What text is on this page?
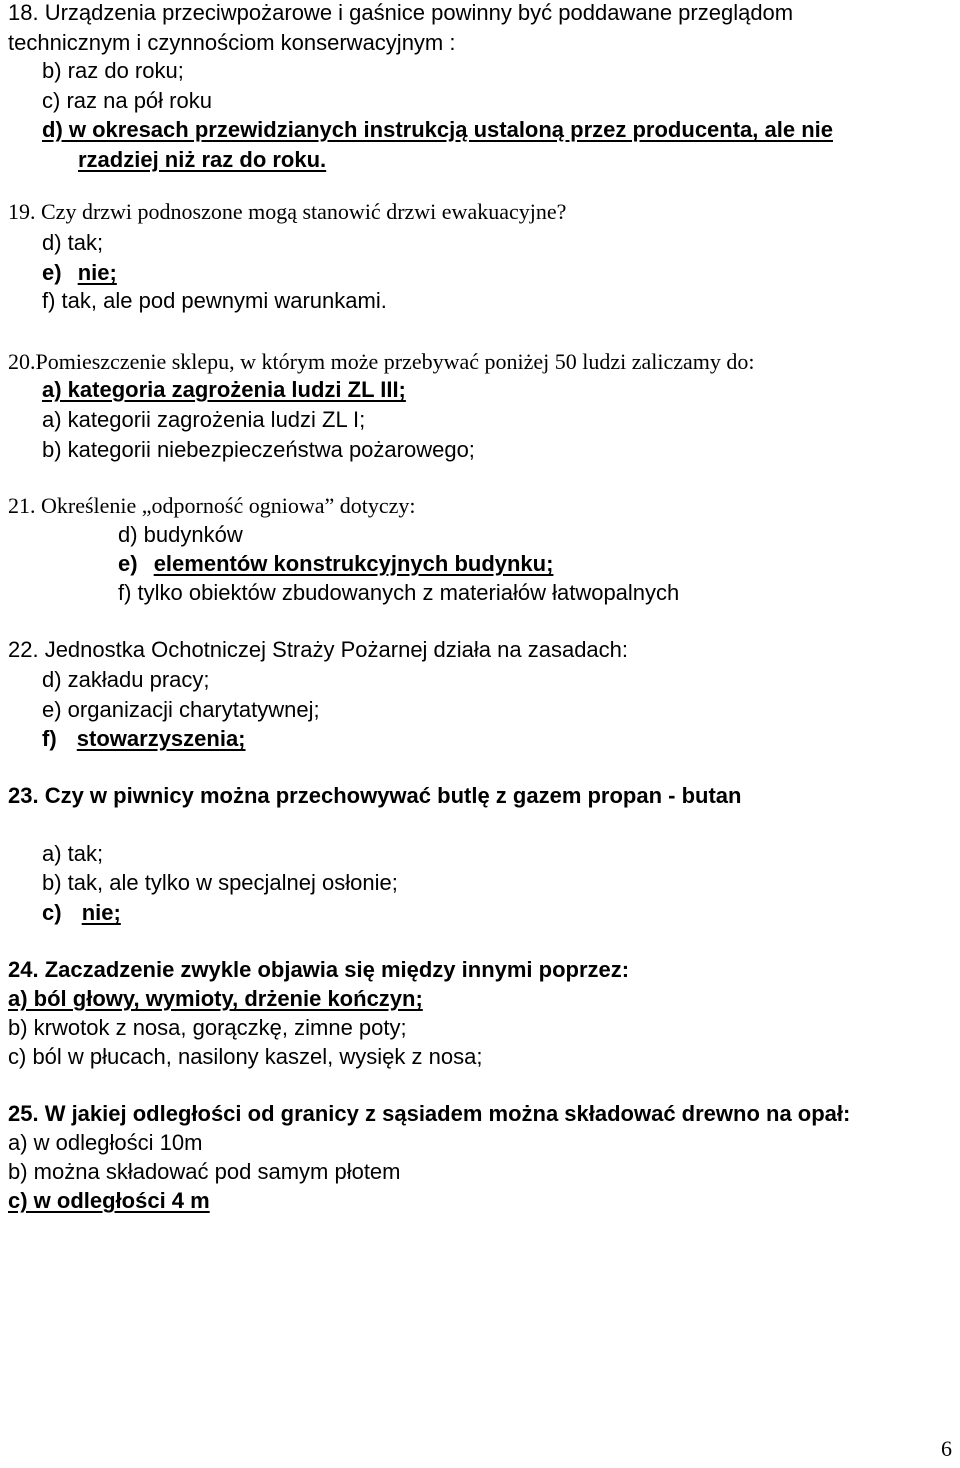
18. Urządzenia przeciwpożarowe i gaśnice powinny być poddawane przeglądom
technicznym i czynnościom konserwacyjnym :
b) raz do roku;
c) raz na pół roku
d) w okresach przewidzianych instrukcją ustaloną przez producenta, ale nie
rzadziej niż raz do roku.
19. Czy drzwi podnoszone mogą stanowić drzwi ewakuacyjne?
d) tak;
e) nie;
f) tak, ale pod pewnymi warunkami.
20.Pomieszczenie sklepu, w którym może przebywać poniżej 50 ludzi zaliczamy do:
a) kategoria zagrożenia ludzi ZL III;
a) kategorii zagrożenia ludzi ZL I;
b) kategorii niebezpieczeństwa pożarowego;
21. Określenie „odporność ogniowa” dotyczy:
d) budynków
e) elementów konstrukcyjnych budynku;
f) tylko obiektów zbudowanych z materiałów łatwopalnych
22. Jednostka Ochotniczej Straży Pożarnej działa na zasadach:
d) zakładu pracy;
e) organizacji charytatywnej;
f) stowarzyszenia;
23. Czy w piwnicy można przechowywać butlę z gazem propan - butan
a) tak;
b) tak, ale tylko w specjalnej osłonie;
c) nie;
24. Zaczadzenie zwykle objawia się między innymi poprzez:
a) ból głowy, wymioty, drżenie kończyn;
b) krwotok z nosa, gorączkę, zimne poty;
c) ból w płucach, nasilony kaszel, wysięk z nosa;
25. W jakiej odległości od granicy z sąsiadem można składować drewno na opał:
a) w odległości 10m
b) można składować pod samym płotem
c) w odległości 4 m
6
